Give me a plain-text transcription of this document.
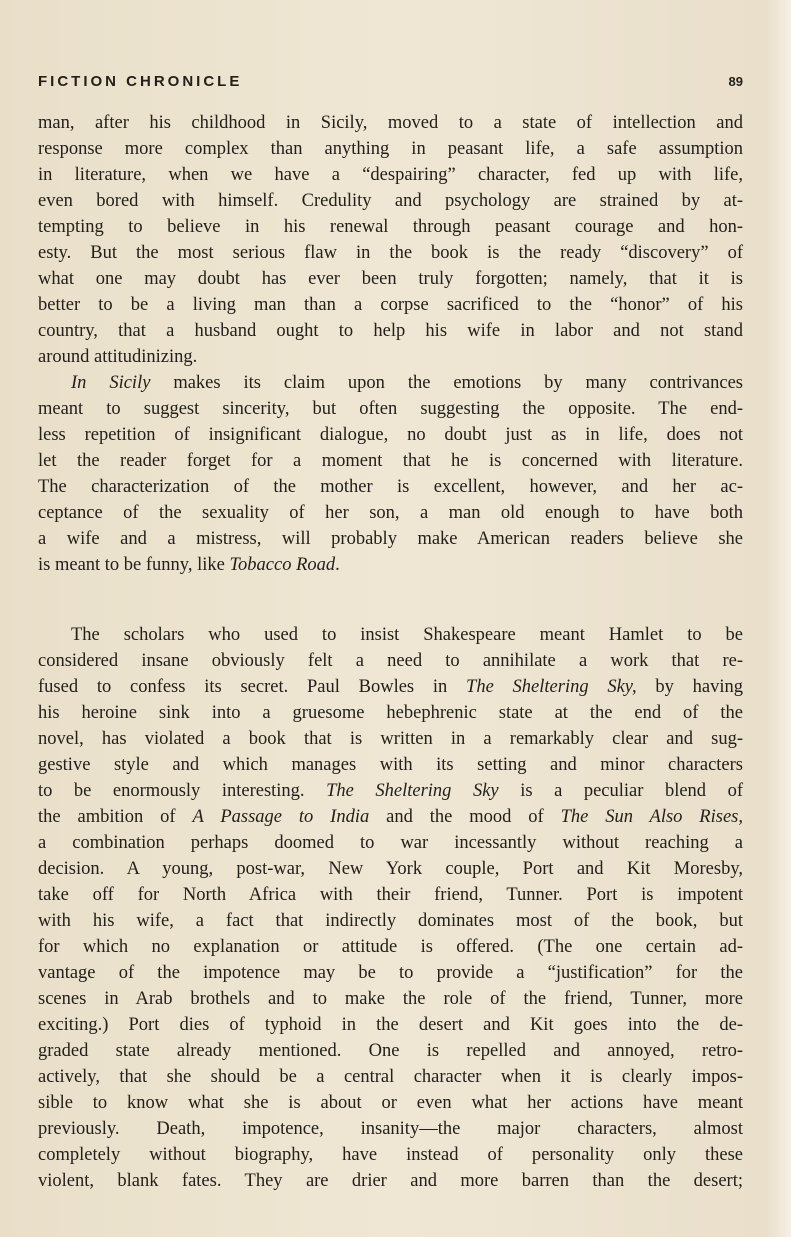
FICTION CHRONICLE	89
man, after his childhood in Sicily, moved to a state of intellection and
response more complex than anything in peasant life, a safe assumption
in literature, when we have a “despairing” character, fed up with life,
even bored with himself. Credulity and psychology are strained by at-
tempting to believe in his renewal through peasant courage and hon-
esty. But the most serious flaw in the book is the ready “discovery” of
what one may doubt has ever been truly forgotten; namely, that it is
better to be a living man than a corpse sacrificed to the “honor” of his
country, that a husband ought to help his wife in labor and not stand
around attitudinizing.
In Sicily makes its claim upon the emotions by many contrivances
meant to suggest sincerity, but often suggesting the opposite. The end-
less repetition of insignificant dialogue, no doubt just as in life, does not
let the reader forget for a moment that he is concerned with literature.
The characterization of the mother is excellent, however, and her ac-
ceptance of the sexuality of her son, a man old enough to have both
a wife and a mistress, will probably make American readers believe she
is meant to be funny, like Tobacco Road.
The scholars who used to insist Shakespeare meant Hamlet to be
considered insane obviously felt a need to annihilate a work that re-
fused to confess its secret. Paul Bowles in The Sheltering Sky, by having
his heroine sink into a gruesome hebephrenic state at the end of the
novel, has violated a book that is written in a remarkably clear and sug-
gestive style and which manages with its setting and minor characters
to be enormously interesting. The Sheltering Sky is a peculiar blend of
the ambition of A Passage to India and the mood of The Sun Also Rises,
a combination perhaps doomed to war incessantly without reaching a
decision. A young, post-war, New York couple, Port and Kit Moresby,
take off for North Africa with their friend, Tunner. Port is impotent
with his wife, a fact that indirectly dominates most of the book, but
for which no explanation or attitude is offered. (The one certain ad-
vantage of the impotence may be to provide a “justification” for the
scenes in Arab brothels and to make the role of the friend, Tunner, more
exciting.) Port dies of typhoid in the desert and Kit goes into the de-
graded state already mentioned. One is repelled and annoyed, retro-
actively, that she should be a central character when it is clearly impos-
sible to know what she is about or even what her actions have meant
previously. Death, impotence, insanity—the major characters, almost
completely without biography, have instead of personality only these
violent, blank fates. They are drier and more barren than the desert;
